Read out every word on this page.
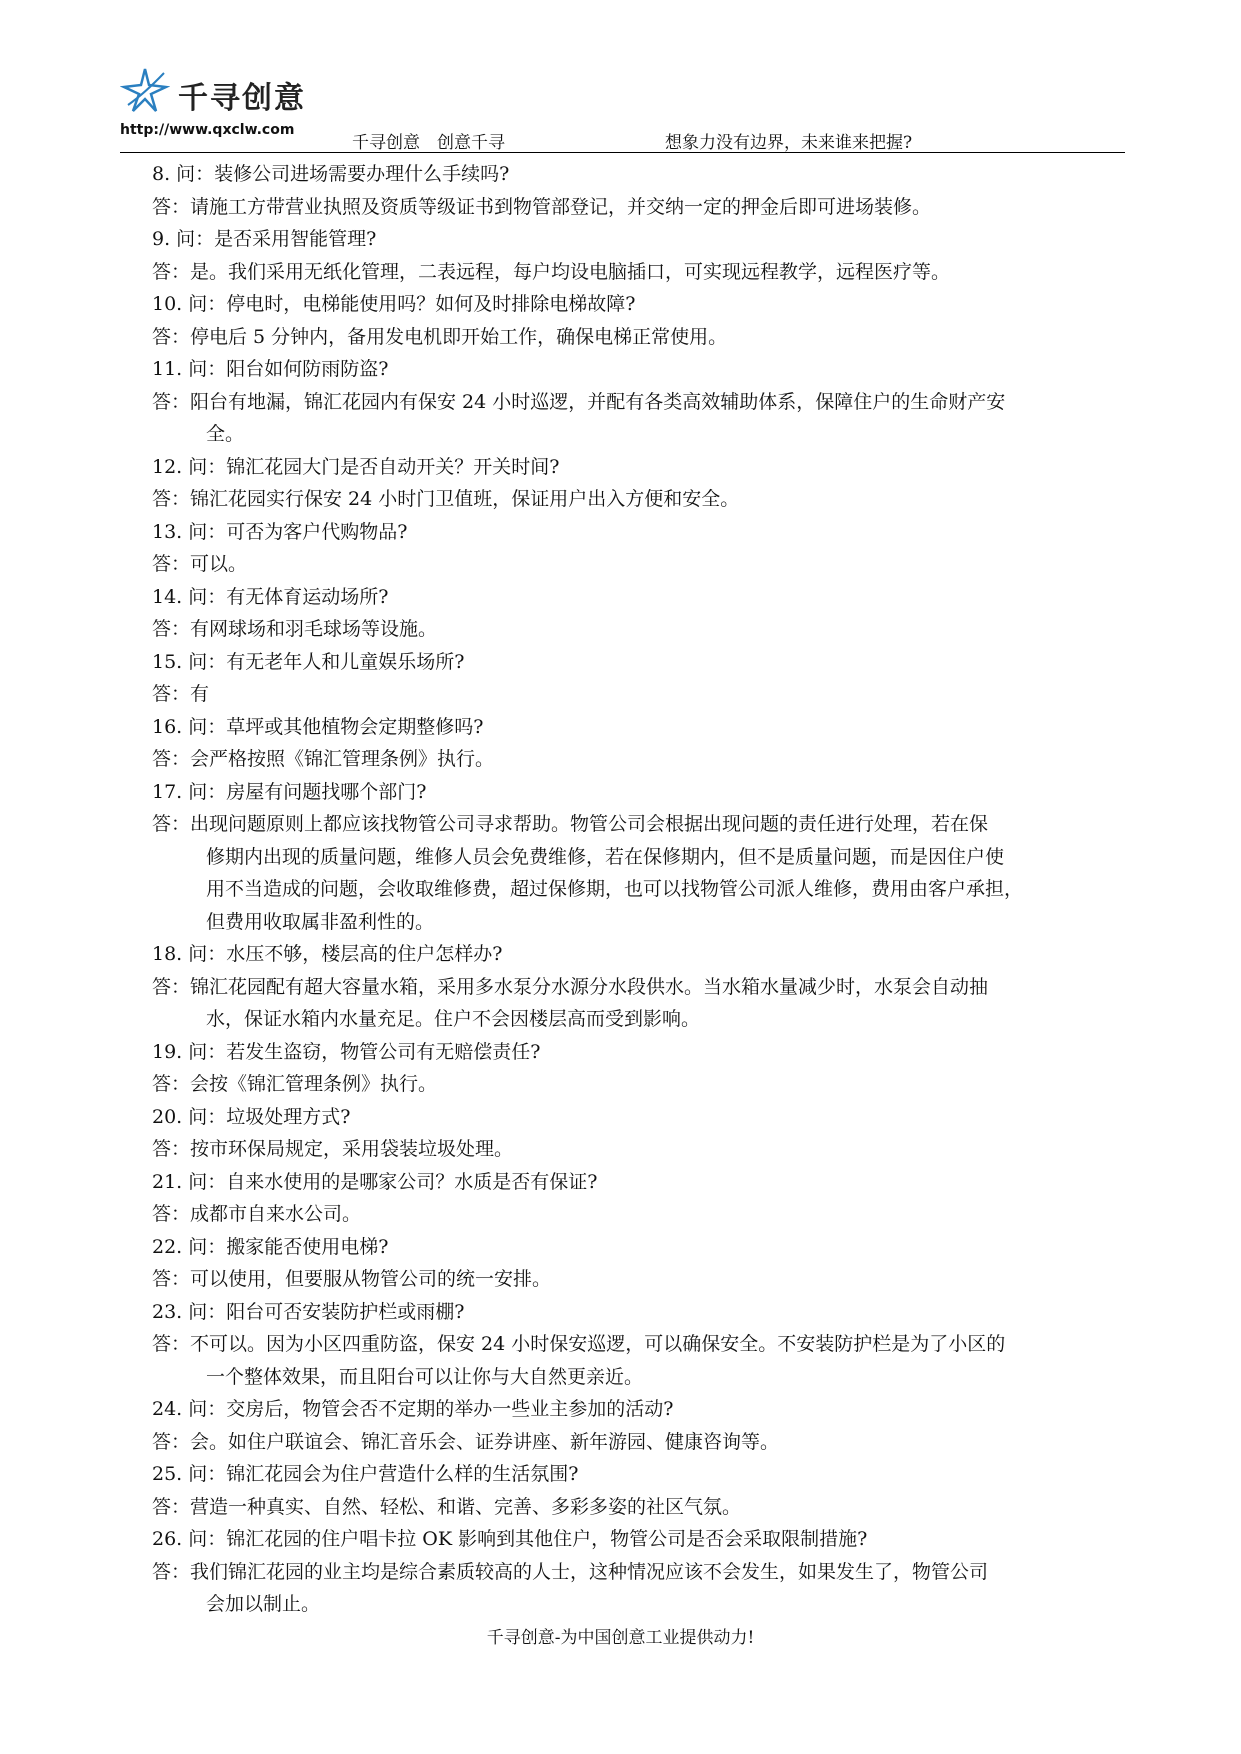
千寻创意
http://www.qxclw.com
千寻创意　创意千寻	想象力没有边界，未来谁来把握?
8. 问：装修公司进场需要办理什么手续吗?
答：请施工方带营业执照及资质等级证书到物管部登记，并交纳一定的押金后即可进场装修。
9. 问：是否采用智能管理?
答：是。我们采用无纸化管理，二表远程，每户均设电脑插口，可实现远程教学，远程医疗等。
10. 问：停电时，电梯能使用吗？如何及时排除电梯故障?
答：停电后 5 分钟内，备用发电机即开始工作，确保电梯正常使用。
11. 问：阳台如何防雨防盗?
答：阳台有地漏，锦汇花园内有保安 24 小时巡逻，并配有各类高效辅助体系，保障住户的生命财产安
全。
12. 问：锦汇花园大门是否自动开关？开关时间?
答：锦汇花园实行保安 24 小时门卫值班，保证用户出入方便和安全。
13. 问：可否为客户代购物品?
答：可以。
14. 问：有无体育运动场所?
答：有网球场和羽毛球场等设施。
15. 问：有无老年人和儿童娱乐场所?
答：有
16. 问：草坪或其他植物会定期整修吗?
答：会严格按照《锦汇管理条例》执行。
17. 问：房屋有问题找哪个部门?
答：出现问题原则上都应该找物管公司寻求帮助。物管公司会根据出现问题的责任进行处理，若在保
修期内出现的质量问题，维修人员会免费维修，若在保修期内，但不是质量问题，而是因住户使
用不当造成的问题，会收取维修费，超过保修期，也可以找物管公司派人维修，费用由客户承担，
但费用收取属非盈利性的。
18. 问：水压不够，楼层高的住户怎样办?
答：锦汇花园配有超大容量水箱，采用多水泵分水源分水段供水。当水箱水量减少时，水泵会自动抽
水，保证水箱内水量充足。住户不会因楼层高而受到影响。
19. 问：若发生盗窃，物管公司有无赔偿责任?
答：会按《锦汇管理条例》执行。
20. 问：垃圾处理方式?
答：按市环保局规定，采用袋装垃圾处理。
21. 问：自来水使用的是哪家公司？水质是否有保证?
答：成都市自来水公司。
22. 问：搬家能否使用电梯?
答：可以使用，但要服从物管公司的统一安排。
23. 问：阳台可否安装防护栏或雨棚?
答：不可以。因为小区四重防盗，保安 24 小时保安巡逻，可以确保安全。不安装防护栏是为了小区的
一个整体效果，而且阳台可以让你与大自然更亲近。
24. 问：交房后，物管会否不定期的举办一些业主参加的活动?
答：会。如住户联谊会、锦汇音乐会、证券讲座、新年游园、健康咨询等。
25. 问：锦汇花园会为住户营造什么样的生活氛围?
答：营造一种真实、自然、轻松、和谐、完善、多彩多姿的社区气氛。
26. 问：锦汇花园的住户唱卡拉 OK 影响到其他住户，物管公司是否会采取限制措施?
答：我们锦汇花园的业主均是综合素质较高的人士，这种情况应该不会发生，如果发生了，物管公司
会加以制止。
千寻创意-为中国创意工业提供动力!
